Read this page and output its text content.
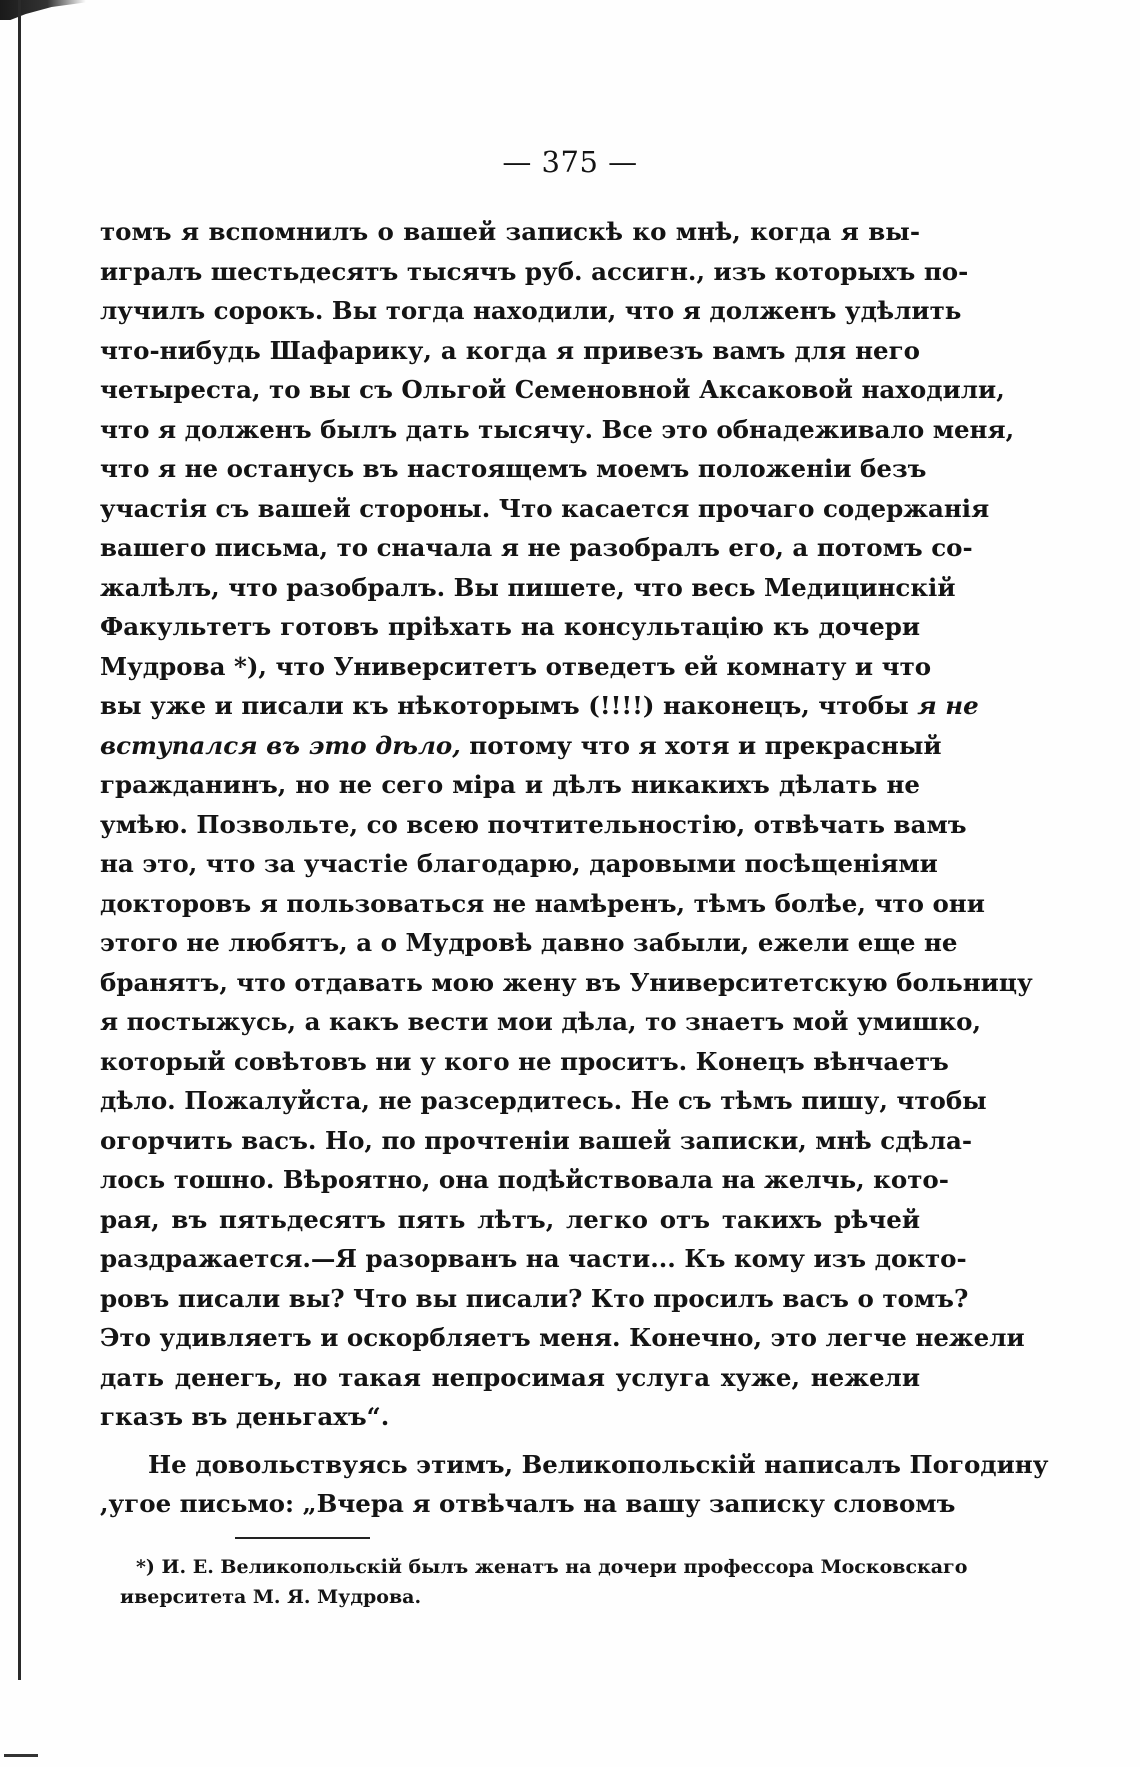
— 375 —
томъ я вспомнилъ о вашей запискѣ ко мнѣ, когда я вы-
игралъ шестьдесятъ тысячъ руб. ассигн., изъ которыхъ по-
лучилъ сорокъ. Вы тогда находили, что я долженъ удѣлить
что-нибудь Шафарику, а когда я привезъ вамъ для него
четыреста, то вы съ Ольгой Семеновной Аксаковой находили,
что я долженъ былъ дать тысячу. Все это обнадеживало меня,
что я не останусь въ настоящемъ моемъ положенiи безъ
участiя съ вашей стороны. Что касается прочаго содержанiя
вашего письма, то сначала я не разобралъ его, а потомъ со-
жалѣлъ, что разобралъ. Вы пишете, что весь Медицинскiй
Факультетъ готовъ прiѣхать на консультацiю къ дочери
Мудрова *), что Университетъ отведетъ ей комнату и что
вы уже и писали къ нѣкоторымъ (!!!!) наконецъ, чтобы я не
вступался въ это дѣло, потому что я хотя и прекрасный
гражданинъ, но не сего мiра и дѣлъ никакихъ дѣлать не
умѣю. Позвольте, со всею почтительностiю, отвѣчать вамъ
на это, что за участiе благодарю, даровыми посѣщенiями
докторовъ я пользоваться не намѣренъ, тѣмъ болѣе, что они
этого не любятъ, а о Мудровѣ давно забыли, ежели еще не
бранятъ, что отдавать мою жену въ Университетскую больницу
я постыжусь, а какъ вести мои дѣла, то знаетъ мой умишко,
который совѣтовъ ни у кого не проситъ. Конецъ вѣнчаетъ
дѣло. Пожалуйста, не разсердитесь. Не съ тѣмъ пишу, чтобы
огорчить васъ. Но, по прочтенiи вашей записки, мнѣ сдѣла-
лось тошно. Вѣроятно, она подѣйствовала на желчь, кото-
рая, въ пятьдесятъ пять лѣтъ, легко отъ такихъ рѣчей
раздражается.—Я разорванъ на части... Къ кому изъ доктo-
ровъ писали вы? Что вы писали? Кто просилъ васъ о томъ?
Это удивляетъ и оскорбляетъ меня. Конечно, это легче нежели
дать денегъ, но такая непросимая услуга хуже, нежели
гказъ въ деньгахъ“.
Не довольствуясь этимъ, Великопольскiй написалъ Погодину
,угое письмо: „Вчера я отвѣчалъ на вашу записку словомъ
*) И. Е. Великопольскiй былъ женатъ на дочери профессора Московскаго
иверситета М. Я. Мудрова.
